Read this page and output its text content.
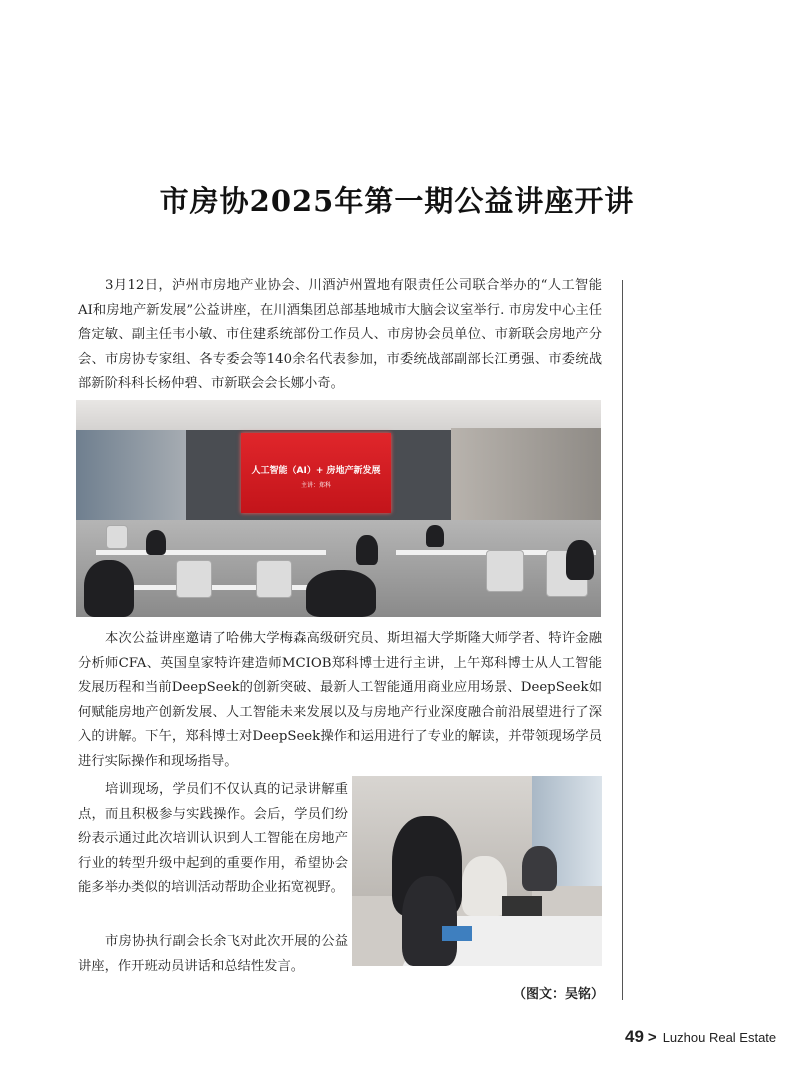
市房协2025年第一期公益讲座开讲

3月12日，泸州市房地产业协会、川酒泸州置地有限责任公司联合举办的“人工智能AI和房地产新发展”公益讲座，在川酒集团总部基地城市大脑会议室举行. 市房发中心主任詹定敏、副主任韦小敏、市住建系统部份工作员人、市房协会员单位、市新联会房地产分会、市房协专家组、各专委会等140余名代表参加，市委统战部副部长江勇强、市委统战部新阶科科长杨仲碧、市新联会会长娜小奇。

人工智能（AI）+ 房地产新发展
主讲：郑科

本次公益讲座邀请了哈佛大学梅森高级研究员、斯坦福大学斯隆大师学者、特许金融分析师CFA、英国皇家特许建造师MCIOB郑科博士进行主讲，上午郑科博士从人工智能发展历程和当前DeepSeek的创新突破、最新人工智能通用商业应用场景、DeepSeek如何赋能房地产创新发展、人工智能未来发展以及与房地产行业深度融合前沿展望进行了深入的讲解。下午，郑科博士对DeepSeek操作和运用进行了专业的解读，并带领现场学员进行实际操作和现场指导。

培训现场，学员们不仅认真的记录讲解重点，而且积极参与实践操作。会后，学员们纷纷表示通过此次培训认识到人工智能在房地产行业的转型升级中起到的重要作用，希望协会能多举办类似的培训活动帮助企业拓宽视野。

市房协执行副会长余飞对此次开展的公益讲座，作开班动员讲话和总结性发言。

（图文：吴铭）
49 > Luzhou Real Estate
